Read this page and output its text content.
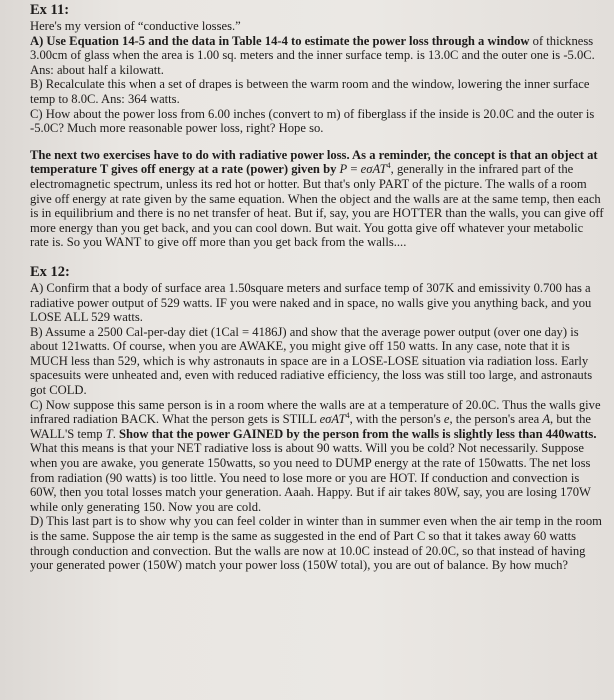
Ex 11:

Here's my version of “conductive losses.”

A) Use Equation 14-5 and the data in Table 14-4 to estimate the power loss through a window of thickness 3.00cm of glass when the area is 1.00 sq. meters and the inner surface temp. is 13.0C and the outer one is -5.0C. Ans: about half a kilowatt.

B) Recalculate this when a set of drapes is between the warm room and the window, lowering the inner surface temp to 8.0C. Ans: 364 watts.

C) How about the power loss from 6.00 inches (convert to m) of fiberglass if the inside is 20.0C and the outer is -5.0C? Much more reasonable power loss, right? Hope so.

The next two exercises have to do with radiative power loss. As a reminder, the concept is that an object at temperature T gives off energy at a rate (power) given by P = eσAT$^4$, generally in the infrared part of the electromagnetic spectrum, unless its red hot or hotter. But that's only PART of the picture. The walls of a room give off energy at rate given by the same equation. When the object and the walls are at the same temp, then each is in equilibrium and there is no net transfer of heat. But if, say, you are HOTTER than the walls, you can give off more energy than you get back, and you can cool down. But wait. You gotta give off whatever your metabolic rate is. So you WANT to give off more than you get back from the walls....

Ex 12:

A) Confirm that a body of surface area 1.50square meters and surface temp of 307K and emissivity 0.700 has a radiative power output of 529 watts. IF you were naked and in space, no walls give you anything back, and you LOSE ALL 529 watts.

B) Assume a 2500 Cal-per-day diet (1Cal = 4186J) and show that the average power output (over one day) is about 121watts. Of course, when you are AWAKE, you might give off 150 watts. In any case, note that it is MUCH less than 529, which is why astronauts in space are in a LOSE-LOSE situation via radiation loss. Early spacesuits were unheated and, even with reduced radiative efficiency, the loss was still too large, and astronauts got COLD.

C) Now suppose this same person is in a room where the walls are at a temperature of 20.0C. Thus the walls give infrared radiation BACK. What the person gets is STILL eσAT$^4$, with the person's e, the person's area A, but the WALL'S temp T. Show that the power GAINED by the person from the walls is slightly less than 440watts. What this means is that your NET radiative loss is about 90 watts. Will you be cold? Not necessarily. Suppose when you are awake, you generate 150watts, so you need to DUMP energy at the rate of 150watts. The net loss from radiation (90 watts) is too little. You need to lose more or you are HOT. If conduction and convection is 60W, then you total losses match your generation. Aaah. Happy. But if air takes 80W, say, you are losing 170W while only generating 150. Now you are cold.

D) This last part is to show why you can feel colder in winter than in summer even when the air temp in the room is the same. Suppose the air temp is the same as suggested in the end of Part C so that it takes away 60 watts through conduction and convection. But the walls are now at 10.0C instead of 20.0C, so that instead of having your generated power (150W) match your power loss (150W total), you are out of balance. By how much?
